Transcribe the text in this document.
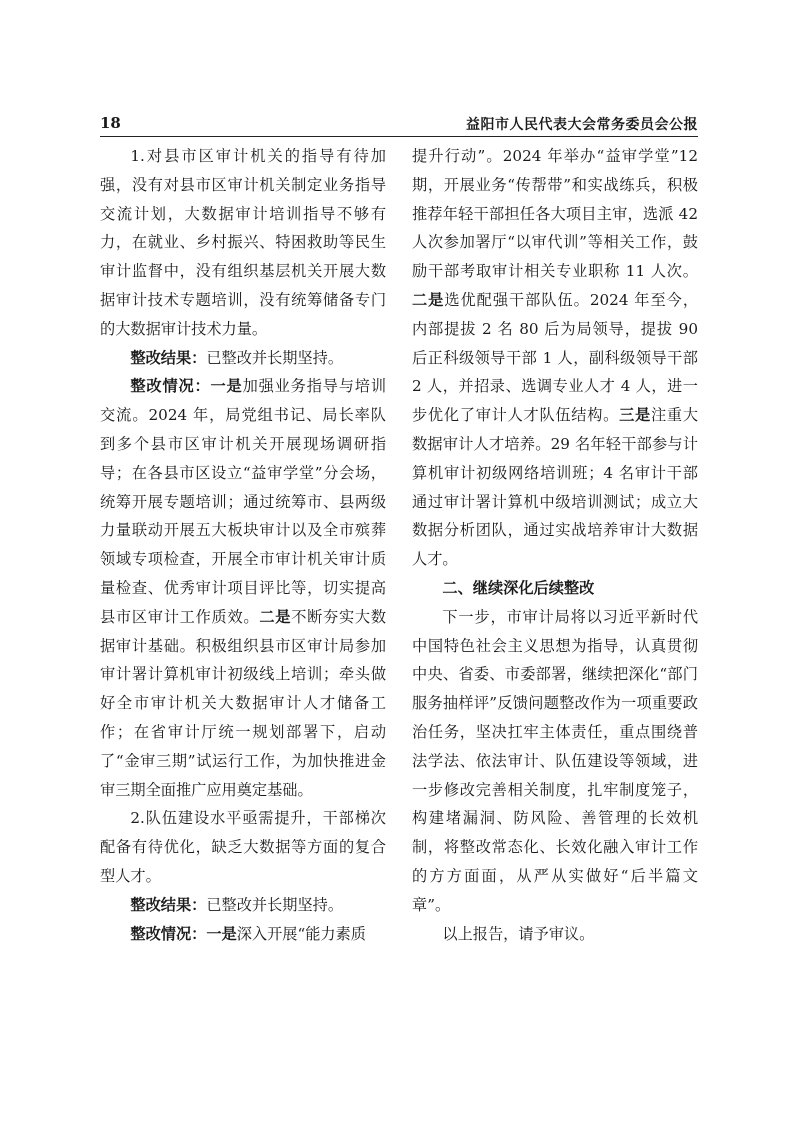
18	益阳市人民代表大会常务委员会公报

1.对县市区审计机关的指导有待加强，没有对县市区审计机关制定业务指导交流计划，大数据审计培训指导不够有力，在就业、乡村振兴、特困救助等民生审计监督中，没有组织基层机关开展大数据审计技术专题培训，没有统筹储备专门的大数据审计技术力量。

整改结果：已整改并长期坚持。

整改情况：一是加强业务指导与培训交流。2024 年，局党组书记、局长率队到多个县市区审计机关开展现场调研指导；在各县市区设立“益审学堂”分会场，统筹开展专题培训；通过统筹市、县两级力量联动开展五大板块审计以及全市殡葬领域专项检查，开展全市审计机关审计质量检查、优秀审计项目评比等，切实提高县市区审计工作质效。二是不断夯实大数据审计基础。积极组织县市区审计局参加审计署计算机审计初级线上培训；牵头做好全市审计机关大数据审计人才储备工作；在省审计厅统一规划部署下，启动了“金审三期”试运行工作，为加快推进金审三期全面推广应用奠定基础。

2.队伍建设水平亟需提升，干部梯次配备有待优化，缺乏大数据等方面的复合型人才。

整改结果：已整改并长期坚持。

整改情况：一是深入开展“能力素质

提升行动”。2024 年举办“益审学堂”12 期，开展业务“传帮带”和实战练兵，积极推荐年轻干部担任各大项目主审，选派 42 人次参加署厅“以审代训”等相关工作，鼓励干部考取审计相关专业职称 11 人次。二是选优配强干部队伍。2024 年至今，内部提拔 2 名 80 后为局领导，提拔 90 后正科级领导干部 1 人，副科级领导干部 2 人，并招录、选调专业人才 4 人，进一步优化了审计人才队伍结构。三是注重大数据审计人才培养。29 名年轻干部参与计算机审计初级网络培训班；4 名审计干部通过审计署计算机中级培训测试；成立大数据分析团队，通过实战培养审计大数据人才。

二、继续深化后续整改

下一步，市审计局将以习近平新时代中国特色社会主义思想为指导，认真贯彻中央、省委、市委部署，继续把深化“部门服务抽样评”反馈问题整改作为一项重要政治任务，坚决扛牢主体责任，重点围绕普法学法、依法审计、队伍建设等领域，进一步修改完善相关制度，扎牢制度笼子，构建堵漏洞、防风险、善管理的长效机制，将整改常态化、长效化融入审计工作的方方面面，从严从实做好“后半篇文章”。

以上报告，请予审议。
